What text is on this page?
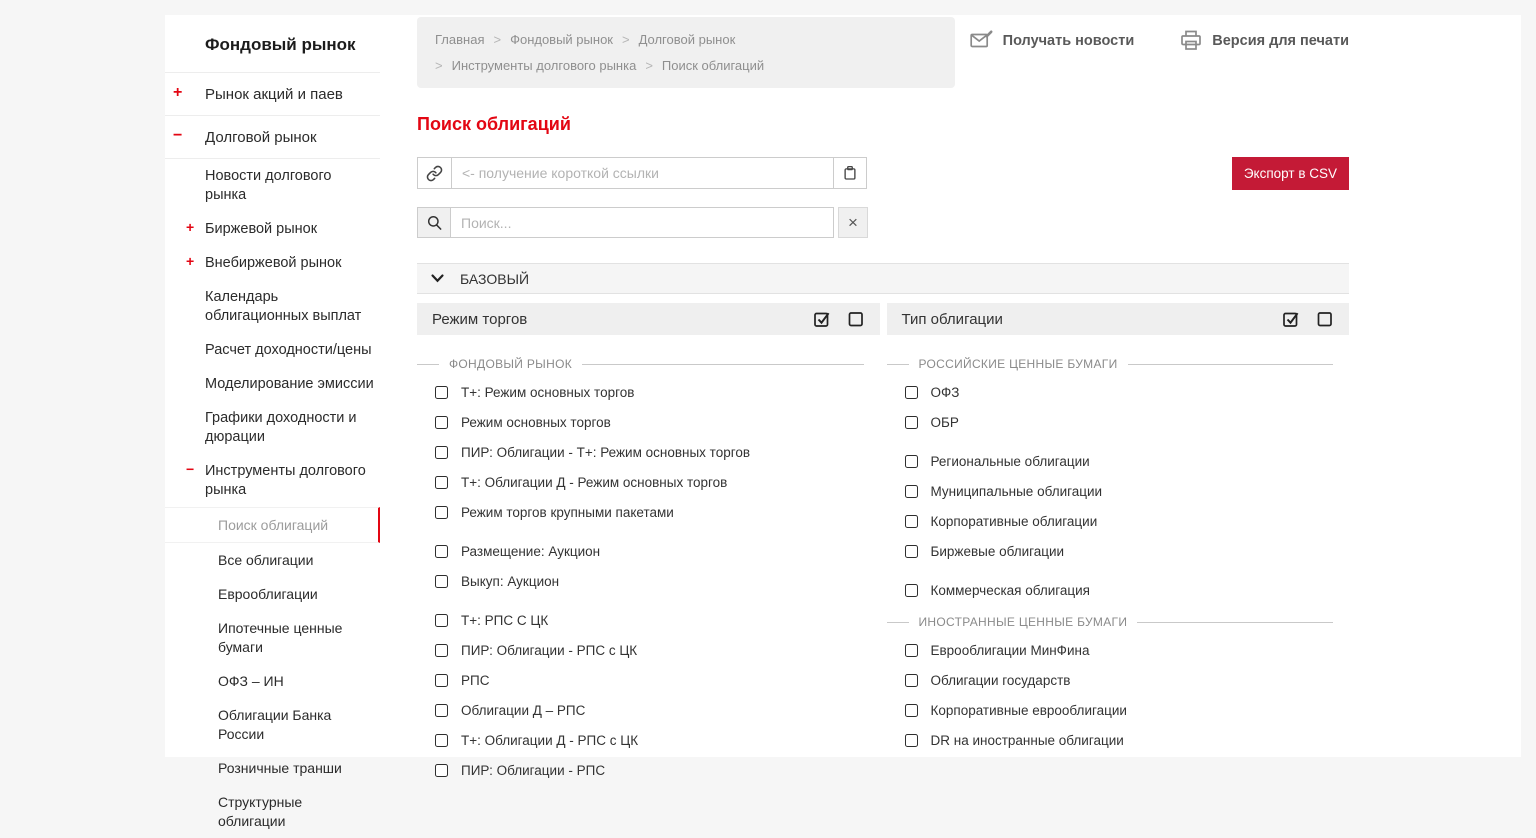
Фондовый рынок
+ Рынок акций и паев
− Долговой рынок
Новости долгового рынка
+ Биржевой рынок
+ Внебиржевой рынок
Календарь облигационных выплат
Расчет доходности/цены
Моделирование эмиссии
Графики доходности и дюрации
− Инструменты долгового рынка
Поиск облигаций
Все облигации
Еврооблигации
Ипотечные ценные бумаги
ОФЗ – ИН
Облигации Банка России
Розничные транши
Структурные облигации
Главная > Фондовый рынок > Долговой рынок
> Инструменты долгового рынка > Поиск облигаций
Получать новости	Версия для печати
Поиск облигаций
<- получение короткой ссылки
Экспорт в CSV
Поиск...
×
БАЗОВЫЙ
Режим торгов
ФОНДОВЫЙ РЫНОК
Т+: Режим основных торгов
Режим основных торгов
ПИР: Облигации - Т+: Режим основных торгов
Т+: Облигации Д - Режим основных торгов
Режим торгов крупными пакетами
Размещение: Аукцион
Выкуп: Аукцион
Т+: РПС С ЦК
ПИР: Облигации - РПС с ЦК
РПС
Облигации Д – РПС
Т+: Облигации Д - РПС с ЦК
ПИР: Облигации - РПС
Тип облигации
РОССИЙСКИЕ ЦЕННЫЕ БУМАГИ
ОФЗ
ОБР
Региональные облигации
Муниципальные облигации
Корпоративные облигации
Биржевые облигации
Коммерческая облигация
ИНОСТРАННЫЕ ЦЕННЫЕ БУМАГИ
Еврооблигации МинФина
Облигации государств
Корпоративные еврооблигации
DR на иностранные облигации
